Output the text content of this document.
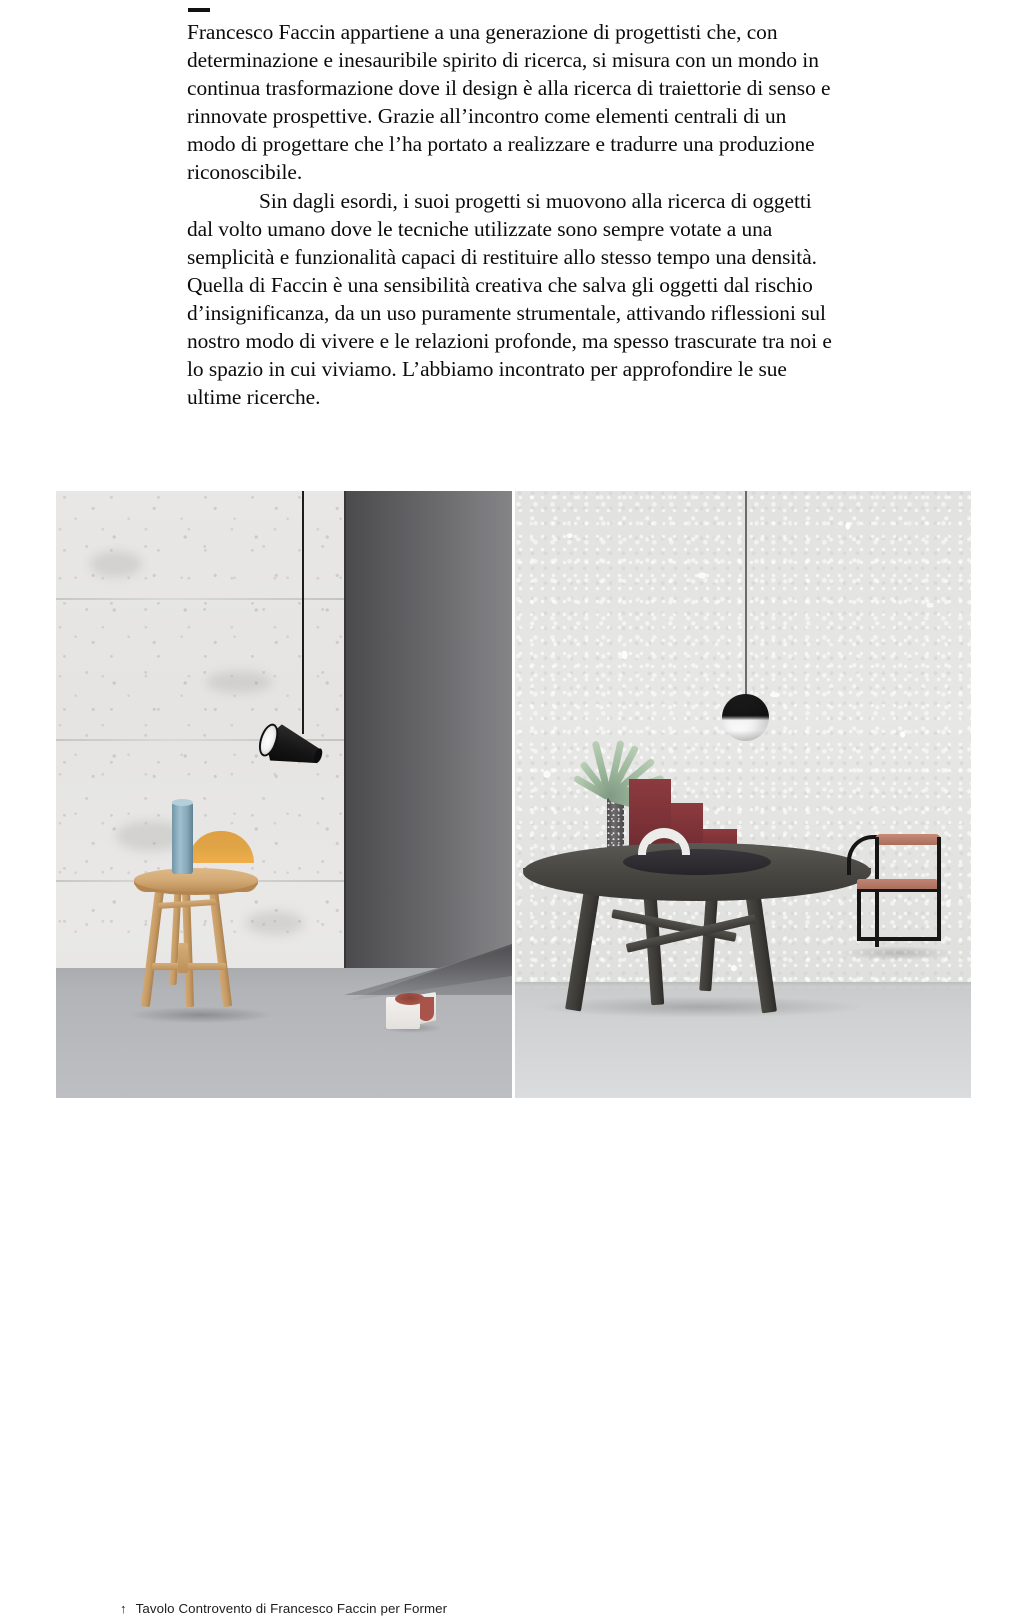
Francesco Faccin appartiene a una generazione di progettisti che, con determinazione e inesauribile spirito di ricerca, si misura con un mondo in continua trasformazione dove il design è alla ricerca di traiettorie di senso e rinnovate prospettive. Grazie all’incontro come elementi centrali di un modo di progettare che l’ha portato a realizzare e tradurre una produzione riconoscibile.

Sin dagli esordi, i suoi progetti si muovono alla ricerca di oggetti dal volto umano dove le tecniche utilizzate sono sempre votate a una semplicità e funzionalità capaci di restituire allo stesso tempo una densità. Quella di Faccin è una sensibilità creativa che salva gli oggetti dal rischio d’insignificanza, da un uso puramente strumentale, attivando riflessioni sul nostro modo di vivere e le relazioni profonde, ma spesso trascurate tra noi e lo spazio in cui viviamo. L’abbiamo incontrato per approfondire le sue ultime ricerche.

↑ Tavolo Controvento di Francesco Faccin per Former
